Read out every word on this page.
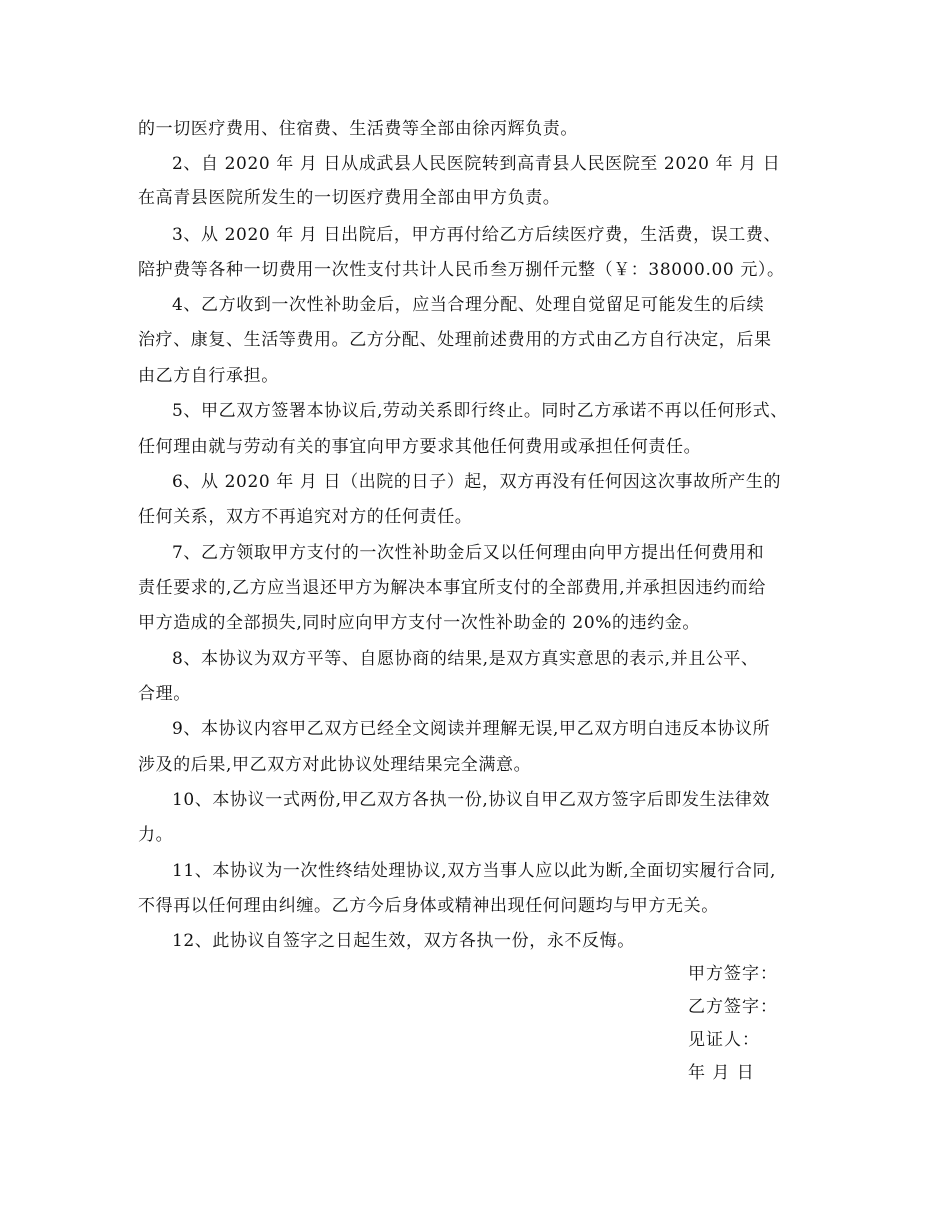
的一切医疗费用、住宿费、生活费等全部由徐丙辉负责。
2、自 2020 年 月 日从成武县人民医院转到高青县人民医院至 2020 年 月 日
在高青县医院所发生的一切医疗费用全部由甲方负责。
3、从 2020 年 月 日出院后，甲方再付给乙方后续医疗费，生活费，误工费、
陪护费等各种一切费用一次性支付共计人民币叁万捌仟元整（￥：38000.00 元）。
4、乙方收到一次性补助金后，应当合理分配、处理自觉留足可能发生的后续
治疗、康复、生活等费用。乙方分配、处理前述费用的方式由乙方自行决定，后果
由乙方自行承担。
5、甲乙双方签署本协议后,劳动关系即行终止。同时乙方承诺不再以任何形式、
任何理由就与劳动有关的事宜向甲方要求其他任何费用或承担任何责任。
6、从 2020 年 月 日（出院的日子）起，双方再没有任何因这次事故所产生的
任何关系，双方不再追究对方的任何责任。
7、乙方领取甲方支付的一次性补助金后又以任何理由向甲方提出任何费用和
责任要求的,乙方应当退还甲方为解决本事宜所支付的全部费用,并承担因违约而给
甲方造成的全部损失,同时应向甲方支付一次性补助金的 20%的违约金。
8、本协议为双方平等、自愿协商的结果,是双方真实意思的表示,并且公平、
合理。
9、本协议内容甲乙双方已经全文阅读并理解无误,甲乙双方明白违反本协议所
涉及的后果,甲乙双方对此协议处理结果完全满意。
10、本协议一式两份,甲乙双方各执一份,协议自甲乙双方签字后即发生法律效
力。
11、本协议为一次性终结处理协议,双方当事人应以此为断,全面切实履行合同,
不得再以任何理由纠缠。乙方今后身体或精神出现任何问题均与甲方无关。
12、此协议自签字之日起生效，双方各执一份，永不反悔。
甲方签字：
乙方签字：
见证人：
年 月 日
